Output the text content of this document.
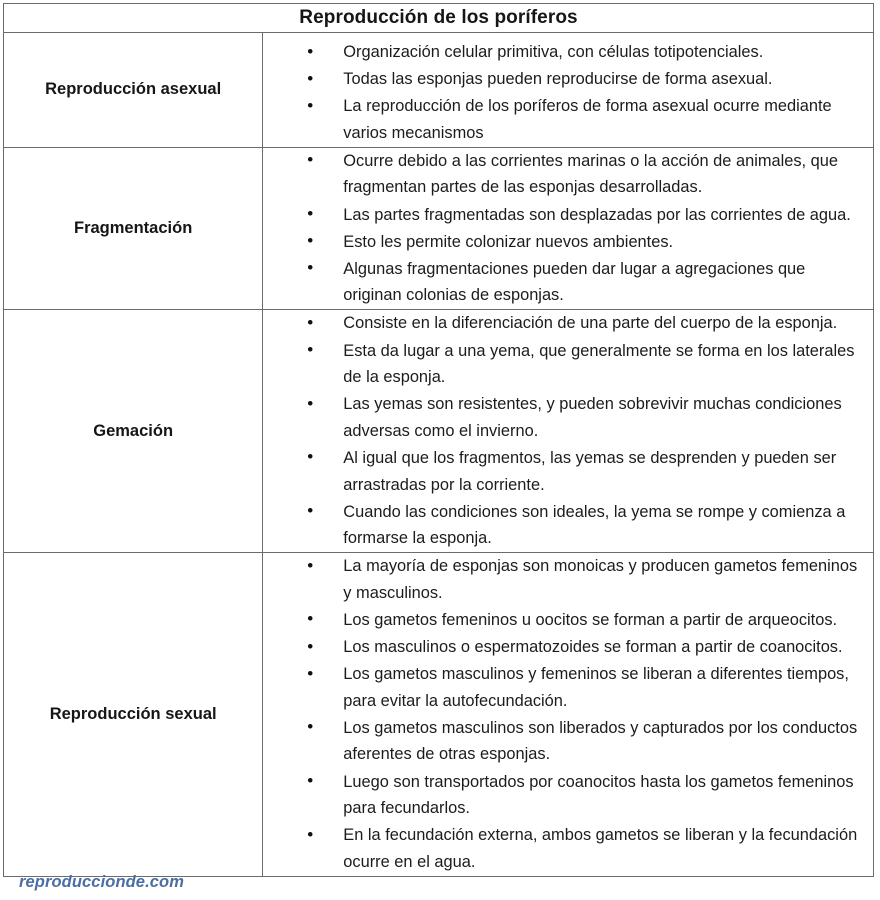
Reproducción de los poríferos	

Reproducción asexual

• Organización celular primitiva, con células totipotenciales.
• Todas las esponjas pueden reproducirse de forma asexual.
• La reproducción de los poríferos de forma asexual ocurre mediante varios mecanismos

Fragmentación

• Ocurre debido a las corrientes marinas o la acción de animales, que fragmentan partes de las esponjas desarrolladas.
• Las partes fragmentadas son desplazadas por las corrientes de agua.
• Esto les permite colonizar nuevos ambientes.
• Algunas fragmentaciones pueden dar lugar a agregaciones que originan colonias de esponjas.

Gemación

• Consiste en la diferenciación de una parte del cuerpo de la esponja.
• Esta da lugar a una yema, que generalmente se forma en los laterales de la esponja.
• Las yemas son resistentes, y pueden sobrevivir muchas condiciones adversas como el invierno.
• Al igual que los fragmentos, las yemas se desprenden y pueden ser arrastradas por la corriente.
• Cuando las condiciones son ideales, la yema se rompe y comienza a formarse la esponja.

Reproducción sexual

• La mayoría de esponjas son monoicas y producen gametos femeninos y masculinos.
• Los gametos femeninos u oocitos se forman a partir de arqueocitos.
• Los masculinos o espermatozoides se forman a partir de coanocitos.
• Los gametos masculinos y femeninos se liberan a diferentes tiempos, para evitar la autofecundación.
• Los gametos masculinos son liberados y capturados por los conductos aferentes de otras esponjas.
• Luego son transportados por coanocitos hasta los gametos femeninos para fecundarlos.
• En la fecundación externa, ambos gametos se liberan y la fecundación ocurre en el agua.
reproduccionde.com
